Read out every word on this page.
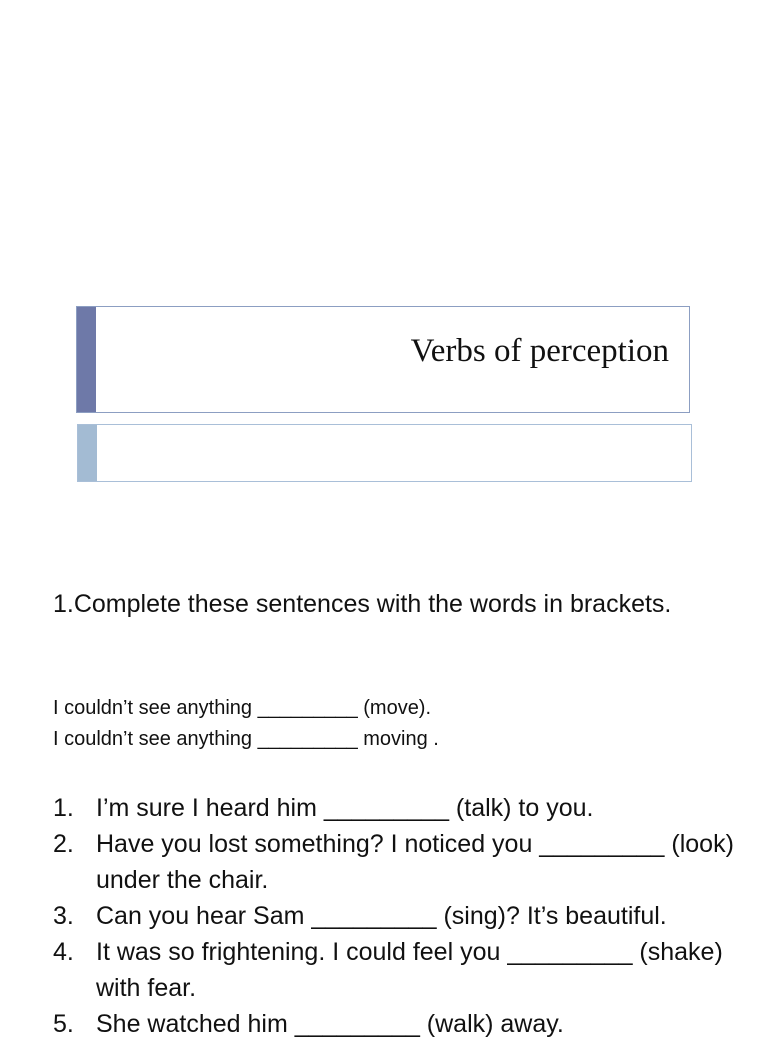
Verbs of perception
1.Complete these sentences with the words in brackets.
I couldn’t see anything _________ (move).
I couldn’t see anything _________ moving .
1. I’m sure I heard him _________ (talk) to you.
2. Have you lost something? I noticed you _________ (look) under the chair.
3. Can you hear Sam _________ (sing)? It’s beautiful.
4. It was so frightening. I could feel you _________ (shake) with fear.
5. She watched him _________ (walk) away.
